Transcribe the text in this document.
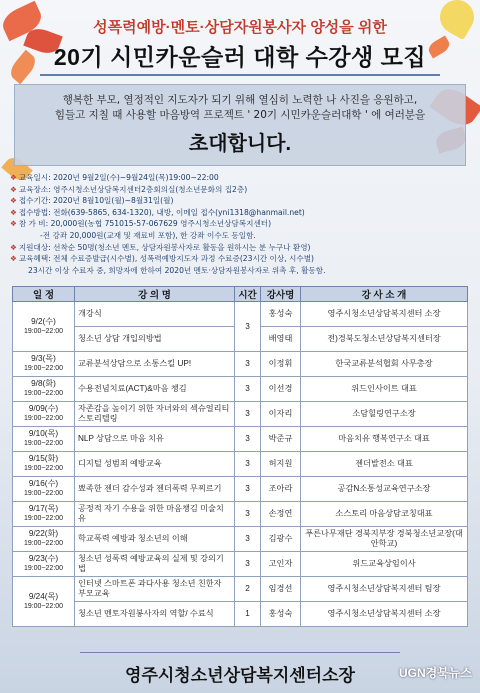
성폭력예방·멘토·상담자원봉사자 양성을 위한
20기 시민카운슬러 대학 수강생 모집
행복한 부모, 열정적인 지도자가 되기 위해 열심히 노력한 나 사진을 응원하고,
힘들고 지칠 때 사용할 마음방역 프로젝트 ' 20기 시민카운슬러대학 ' 에 여러분을
초대합니다.
❖ 교육일시: 2020년 9월2일(수)~9월24일(목)19:00~22:00
❖ 교육장소: 영주시청소년상담복지센터2층회의실(청소년문화의 집2층)
❖ 접수기간: 2020년 8월10일(월)~8월31일(월)
❖ 접수방법: 전화(639-5865, 634-1320), 내방, 이메일 접수(yni1318@hanmail.net)
❖ 참 가 비: 20,000원(농협 751015-57-067629 영주시청소년상담복지센터)
-전 강좌 20,000원(교재 및 재료비 포함), 한 강좌 이수도 동일함.
❖ 지원대상: 선착순 50명(청소년 멘토, 상담자원봉사자로 활동을 원하시는 분 누구나 환영)
❖ 교육혜택: 전체 수료증발급(시수별), 성폭력예방지도자 과정 수료증(23시간 이상, 시수별)
23시간 이상 수료자 중, 희망자에 한하여 2020년 멘토·상담자원봉사자로 위촉 후, 활동함.
일 정	강 의 명	시간	강사명	강 사 소 개
9/2(수)
19:00~22:00	개강식	3	홍성숙	영주시청소년상담복지센터 소장
	청소년 상담 개입의방법		배영태	전)경북도청소년상담복지센터장
9/3(목)
19:00~22:00	교류분석상담으로 소통스킬 UP!	3	이정휘	한국교류분석협회 사무총장
9/8(화)
19:00~22:00	수용전념치료(ACT)&마음 챙김	3	이선경	위드인사이트 대표
9/09(수)
19:00~22:00	자존감을 높이기 위한 자녀와의 섹슈얼리티 스토리텔링	3	이자리	소담힐링연구소장
9/10(목)
19:00~22:00	NLP 상담으로 마음 치유	3	박준규	마음치유 행복연구소 대표
9/15(화)
19:00~22:00	디지털 성범죄 예방교육	3	허지원	젠더발전소 대표
9/16(수)
19:00~22:00	뾰족한 젠더 감수성과 젠더폭력 무찌르기	3	조아라	공감N소통성교육연구소장
9/17(목)
19:00~22:00	공정적 자기 수용을 위한 마음챙김 미술치유	3	손정연	소스토리 마음상담코칭대표
9/22(화)
19:00~22:00	학교폭력 예방과 청소년의 이해	3	김광수	푸른나무재단 경북지부장 경북청소년교장(대안학교)
9/23(수)
19:00~22:00	청소년 성폭력 예방교육의 실제 및 강의기법	3	고인자	위드교육상임이사
9/24(목)
19:00~22:00	인터넷 스마트폰 과다사용 청소년 친한자 부모교육	2	임경선	영주시청소년상담복지센터 팀장
	청소년 멘토자원봉사자의 역할/ 수료식	1	홍성숙	영주시청소년상담복지센터 소장
영주시청소년상담복지센터소장	UGN경북뉴스
